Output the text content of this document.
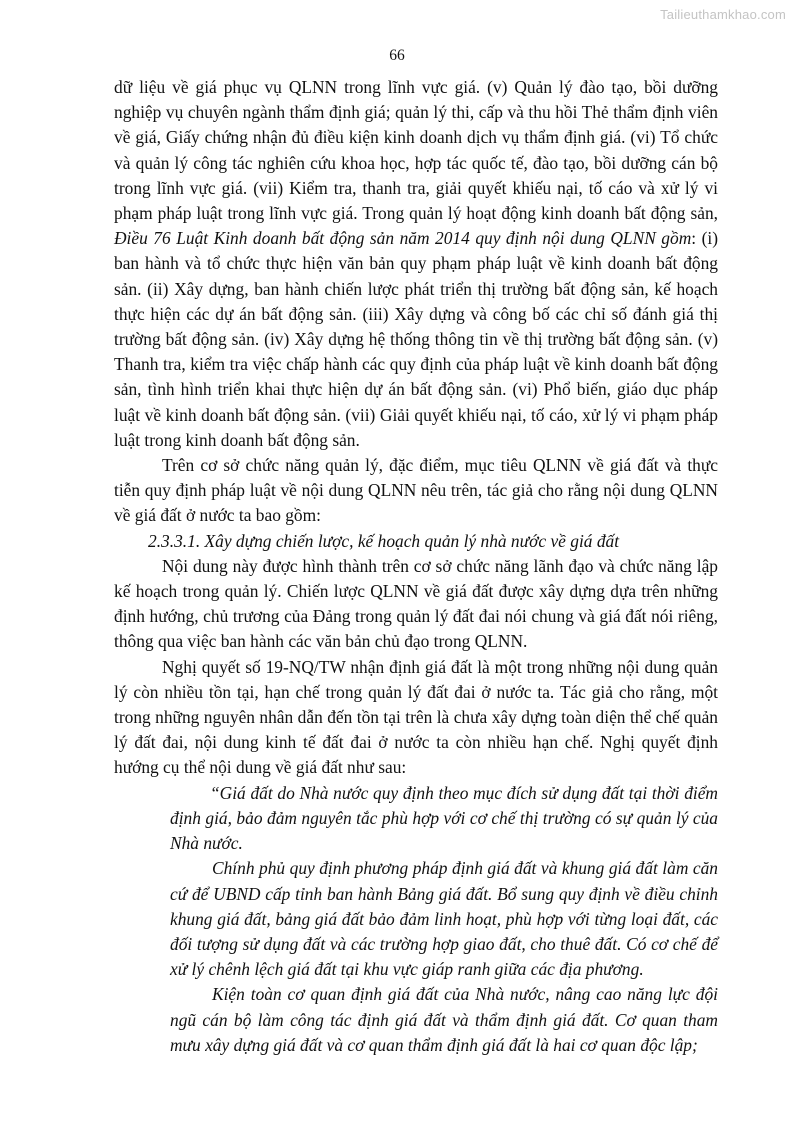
Tailieuthamkhao.com
66

dữ liệu về giá phục vụ QLNN trong lĩnh vực giá. (v) Quản lý đào tạo, bồi dưỡng nghiệp vụ chuyên ngành thẩm định giá; quản lý thi, cấp và thu hồi Thẻ thẩm định viên về giá, Giấy chứng nhận đủ điều kiện kinh doanh dịch vụ thẩm định giá. (vi) Tổ chức và quản lý công tác nghiên cứu khoa học, hợp tác quốc tế, đào tạo, bồi dưỡng cán bộ trong lĩnh vực giá. (vii) Kiểm tra, thanh tra, giải quyết khiếu nại, tố cáo và xử lý vi phạm pháp luật trong lĩnh vực giá. Trong quản lý hoạt động kinh doanh bất động sản, Điều 76 Luật Kinh doanh bất động sản năm 2014 quy định nội dung QLNN gồm: (i) ban hành và tổ chức thực hiện văn bản quy phạm pháp luật về kinh doanh bất động sản. (ii) Xây dựng, ban hành chiến lược phát triển thị trường bất động sản, kế hoạch thực hiện các dự án bất động sản. (iii) Xây dựng và công bố các chỉ số đánh giá thị trường bất động sản. (iv) Xây dựng hệ thống thông tin về thị trường bất động sản. (v) Thanh tra, kiểm tra việc chấp hành các quy định của pháp luật về kinh doanh bất động sản, tình hình triển khai thực hiện dự án bất động sản. (vi) Phổ biến, giáo dục pháp luật về kinh doanh bất động sản. (vii) Giải quyết khiếu nại, tố cáo, xử lý vi phạm pháp luật trong kinh doanh bất động sản.

Trên cơ sở chức năng quản lý, đặc điểm, mục tiêu QLNN về giá đất và thực tiễn quy định pháp luật về nội dung QLNN nêu trên, tác giả cho rằng nội dung QLNN về giá đất ở nước ta bao gồm:

2.3.3.1. Xây dựng chiến lược, kế hoạch quản lý nhà nước về giá đất

Nội dung này được hình thành trên cơ sở chức năng lãnh đạo và chức năng lập kế hoạch trong quản lý. Chiến lược QLNN về giá đất được xây dựng dựa trên những định hướng, chủ trương của Đảng trong quản lý đất đai nói chung và giá đất nói riêng, thông qua việc ban hành các văn bản chủ đạo trong QLNN.

Nghị quyết số 19-NQ/TW nhận định giá đất là một trong những nội dung quản lý còn nhiều tồn tại, hạn chế trong quản lý đất đai ở nước ta. Tác giả cho rằng, một trong những nguyên nhân dẫn đến tồn tại trên là chưa xây dựng toàn diện thể chế quản lý đất đai, nội dung kinh tế đất đai ở nước ta còn nhiều hạn chế. Nghị quyết định hướng cụ thể nội dung về giá đất như sau:

“Giá đất do Nhà nước quy định theo mục đích sử dụng đất tại thời điểm định giá, bảo đảm nguyên tắc phù hợp với cơ chế thị trường có sự quản lý của Nhà nước.

Chính phủ quy định phương pháp định giá đất và khung giá đất làm căn cứ để UBND cấp tỉnh ban hành Bảng giá đất. Bổ sung quy định về điều chỉnh khung giá đất, bảng giá đất bảo đảm linh hoạt, phù hợp với từng loại đất, các đối tượng sử dụng đất và các trường hợp giao đất, cho thuê đất. Có cơ chế để xử lý chênh lệch giá đất tại khu vực giáp ranh giữa các địa phương.

Kiện toàn cơ quan định giá đất của Nhà nước, nâng cao năng lực đội ngũ cán bộ làm công tác định giá đất và thẩm định giá đất. Cơ quan tham mưu xây dựng giá đất và cơ quan thẩm định giá đất là hai cơ quan độc lập;
